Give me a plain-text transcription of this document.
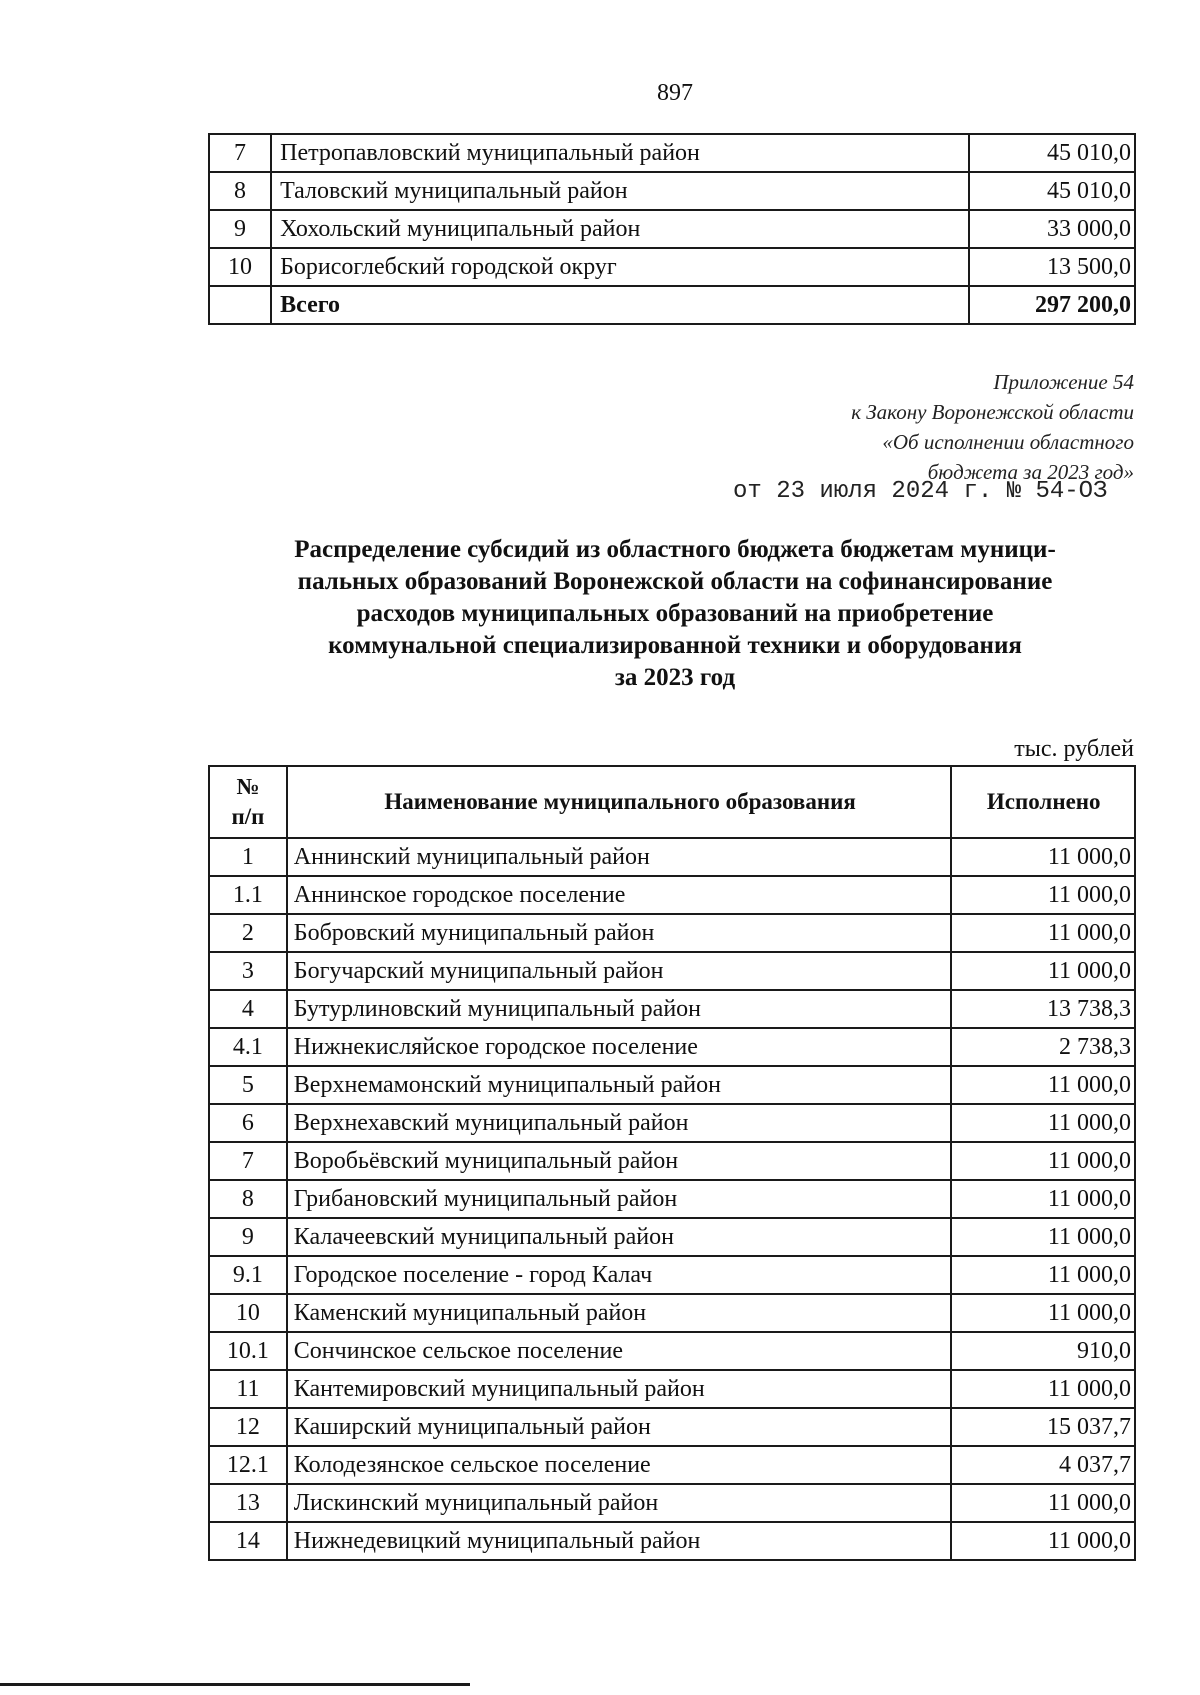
897
7	Петропавловский муниципальный район	45 010,0
8	Таловский муниципальный район	45 010,0
9	Хохольский муниципальный район	33 000,0
10	Борисоглебский городской округ	13 500,0
	Всего	297 200,0
Приложение 54
к Закону Воронежской области
«Об исполнении областного
бюджета за 2023 год»
от 23 июля 2024 г. № 54-ОЗ
Распределение субсидий из областного бюджета бюджетам муници-
пальных образований Воронежской области на софинансирование
расходов муниципальных образований на приобретение
коммунальной специализированной техники и оборудования
за 2023 год
тыс. рублей
№
п/п	Наименование муниципального образования	Исполнено
1	Аннинский муниципальный район	11 000,0
1.1	Аннинское городское поселение	11 000,0
2	Бобровский муниципальный район	11 000,0
3	Богучарский муниципальный район	11 000,0
4	Бутурлиновский муниципальный район	13 738,3
4.1	Нижнекисляйское городское поселение	2 738,3
5	Верхнемамонский муниципальный район	11 000,0
6	Верхнехавский муниципальный район	11 000,0
7	Воробьёвский муниципальный район	11 000,0
8	Грибановский муниципальный район	11 000,0
9	Калачеевский муниципальный район	11 000,0
9.1	Городское поселение - город Калач	11 000,0
10	Каменский муниципальный район	11 000,0
10.1	Сончинское сельское поселение	910,0
11	Кантемировский муниципальный район	11 000,0
12	Каширский муниципальный район	15 037,7
12.1	Колодезянское сельское поселение	4 037,7
13	Лискинский муниципальный район	11 000,0
14	Нижнедевицкий муниципальный район	11 000,0
